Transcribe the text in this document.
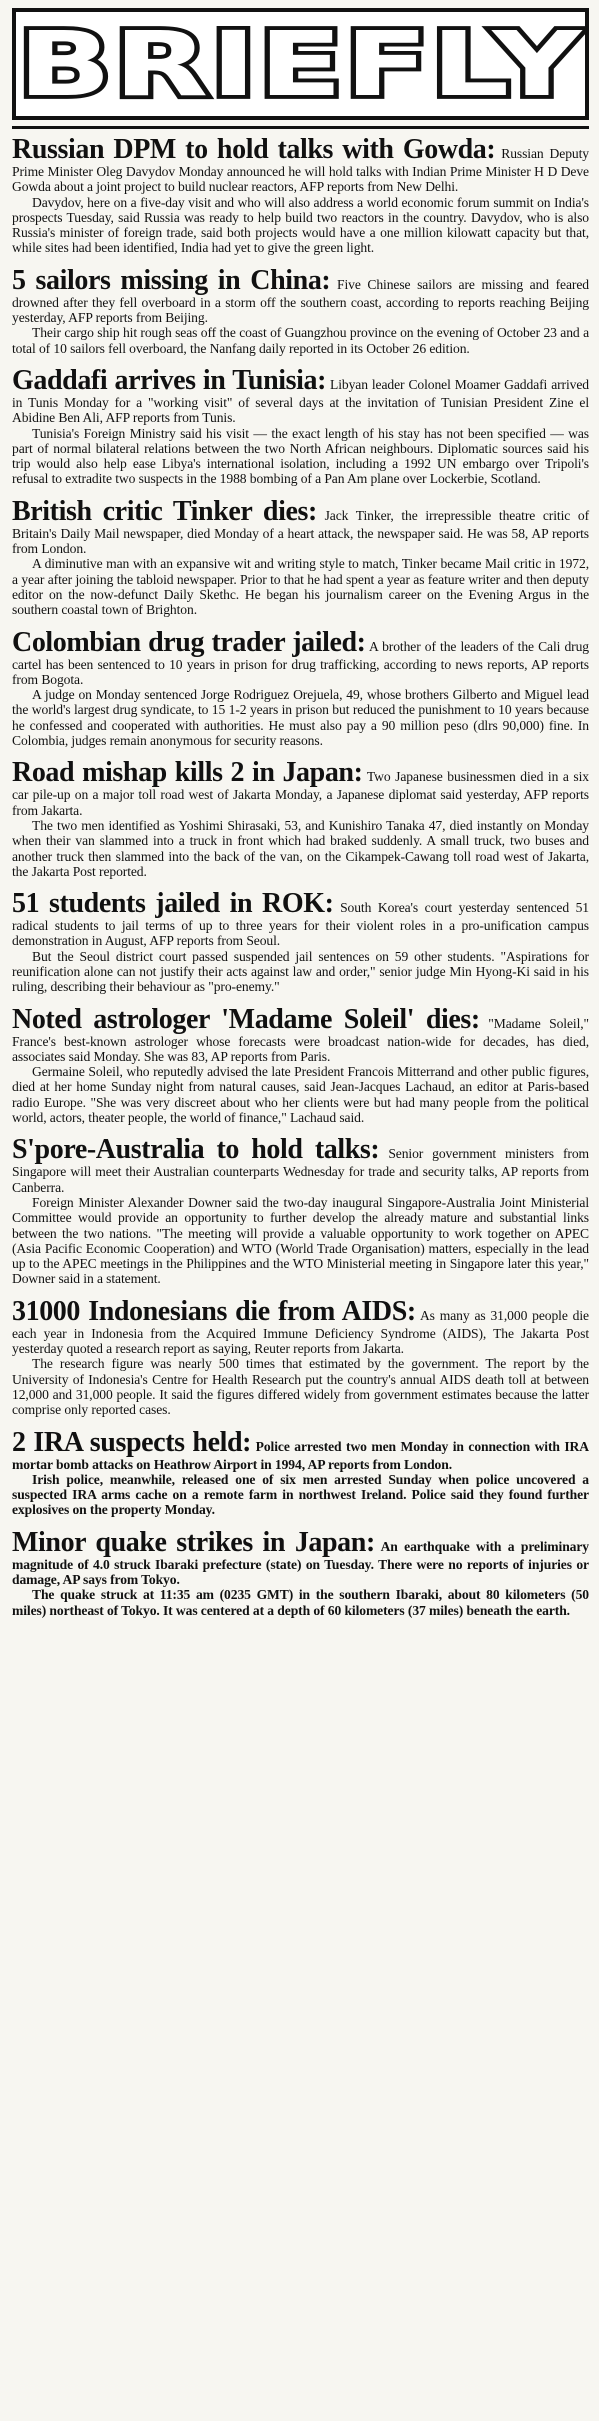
BRIEFLY

Russian DPM to hold talks with Gowda: Russian Deputy Prime Minister Oleg Davydov Monday announced he will hold talks with Indian Prime Minister H D Deve Gowda about a joint project to build nuclear reactors, AFP reports from New Delhi.

Davydov, here on a five-day visit and who will also address a world economic forum summit on India's prospects Tuesday, said Russia was ready to help build two reactors in the country. Davydov, who is also Russia's minister of foreign trade, said both projects would have a one million kilowatt capacity but that, while sites had been identified, India had yet to give the green light.

5 sailors missing in China: Five Chinese sailors are missing and feared drowned after they fell overboard in a storm off the southern coast, according to reports reaching Beijing yesterday, AFP reports from Beijing.

Their cargo ship hit rough seas off the coast of Guangzhou province on the evening of October 23 and a total of 10 sailors fell overboard, the Nanfang daily reported in its October 26 edition.

Gaddafi arrives in Tunisia: Libyan leader Colonel Moamer Gaddafi arrived in Tunis Monday for a "working visit" of several days at the invitation of Tunisian President Zine el Abidine Ben Ali, AFP reports from Tunis.

Tunisia's Foreign Ministry said his visit — the exact length of his stay has not been specified — was part of normal bilateral relations between the two North African neighbours. Diplomatic sources said his trip would also help ease Libya's international isolation, including a 1992 UN embargo over Tripoli's refusal to extradite two suspects in the 1988 bombing of a Pan Am plane over Lockerbie, Scotland.

British critic Tinker dies: Jack Tinker, the irrepressible theatre critic of Britain's Daily Mail newspaper, died Monday of a heart attack, the newspaper said. He was 58, AP reports from London.

A diminutive man with an expansive wit and writing style to match, Tinker became Mail critic in 1972, a year after joining the tabloid newspaper. Prior to that he had spent a year as feature writer and then deputy editor on the now-defunct Daily Skethc. He began his journalism career on the Evening Argus in the southern coastal town of Brighton.

Colombian drug trader jailed: A brother of the leaders of the Cali drug cartel has been sentenced to 10 years in prison for drug trafficking, according to news reports, AP reports from Bogota.

A judge on Monday sentenced Jorge Rodriguez Orejuela, 49, whose brothers Gilberto and Miguel lead the world's largest drug syndicate, to 15 1-2 years in prison but reduced the punishment to 10 years because he confessed and cooperated with authorities. He must also pay a 90 million peso (dlrs 90,000) fine. In Colombia, judges remain anonymous for security reasons.

Road mishap kills 2 in Japan: Two Japanese businessmen died in a six car pile-up on a major toll road west of Jakarta Monday, a Japanese diplomat said yesterday, AFP reports from Jakarta.

The two men identified as Yoshimi Shirasaki, 53, and Kunishiro Tanaka 47, died instantly on Monday when their van slammed into a truck in front which had braked suddenly. A small truck, two buses and another truck then slammed into the back of the van, on the Cikampek-Cawang toll road west of Jakarta, the Jakarta Post reported.

51 students jailed in ROK: South Korea's court yesterday sentenced 51 radical students to jail terms of up to three years for their violent roles in a pro-unification campus demonstration in August, AFP reports from Seoul.

But the Seoul district court passed suspended jail sentences on 59 other students. "Aspirations for reunification alone can not justify their acts against law and order," senior judge Min Hyong-Ki said in his ruling, describing their behaviour as "pro-enemy."

Noted astrologer 'Madame Soleil' dies: "Madame Soleil," France's best-known astrologer whose forecasts were broadcast nation-wide for decades, has died, associates said Monday. She was 83, AP reports from Paris.

Germaine Soleil, who reputedly advised the late President Francois Mitterrand and other public figures, died at her home Sunday night from natural causes, said Jean-Jacques Lachaud, an editor at Paris-based radio Europe. "She was very discreet about who her clients were but had many people from the political world, actors, theater people, the world of finance," Lachaud said.

S'pore-Australia to hold talks: Senior government ministers from Singapore will meet their Australian counterparts Wednesday for trade and security talks, AP reports from Canberra.

Foreign Minister Alexander Downer said the two-day inaugural Singapore-Australia Joint Ministerial Committee would provide an opportunity to further develop the already mature and substantial links between the two nations. "The meeting will provide a valuable opportunity to work together on APEC (Asia Pacific Economic Cooperation) and WTO (World Trade Organisation) matters, especially in the lead up to the APEC meetings in the Philippines and the WTO Ministerial meeting in Singapore later this year," Downer said in a statement.

31000 Indonesians die from AIDS: As many as 31,000 people die each year in Indonesia from the Acquired Immune Deficiency Syndrome (AIDS), The Jakarta Post yesterday quoted a research report as saying, Reuter reports from Jakarta.

The research figure was nearly 500 times that estimated by the government. The report by the University of Indonesia's Centre for Health Research put the country's annual AIDS death toll at between 12,000 and 31,000 people. It said the figures differed widely from government estimates because the latter comprise only reported cases.

2 IRA suspects held: Police arrested two men Monday in connection with IRA mortar bomb attacks on Heathrow Airport in 1994, AP reports from London.

Irish police, meanwhile, released one of six men arrested Sunday when police uncovered a suspected IRA arms cache on a remote farm in northwest Ireland. Police said they found further explosives on the property Monday.

Minor quake strikes in Japan: An earthquake with a preliminary magnitude of 4.0 struck Ibaraki prefecture (state) on Tuesday. There were no reports of injuries or damage, AP says from Tokyo.

The quake struck at 11:35 am (0235 GMT) in the southern Ibaraki, about 80 kilometers (50 miles) northeast of Tokyo. It was centered at a depth of 60 kilometers (37 miles) beneath the earth.
